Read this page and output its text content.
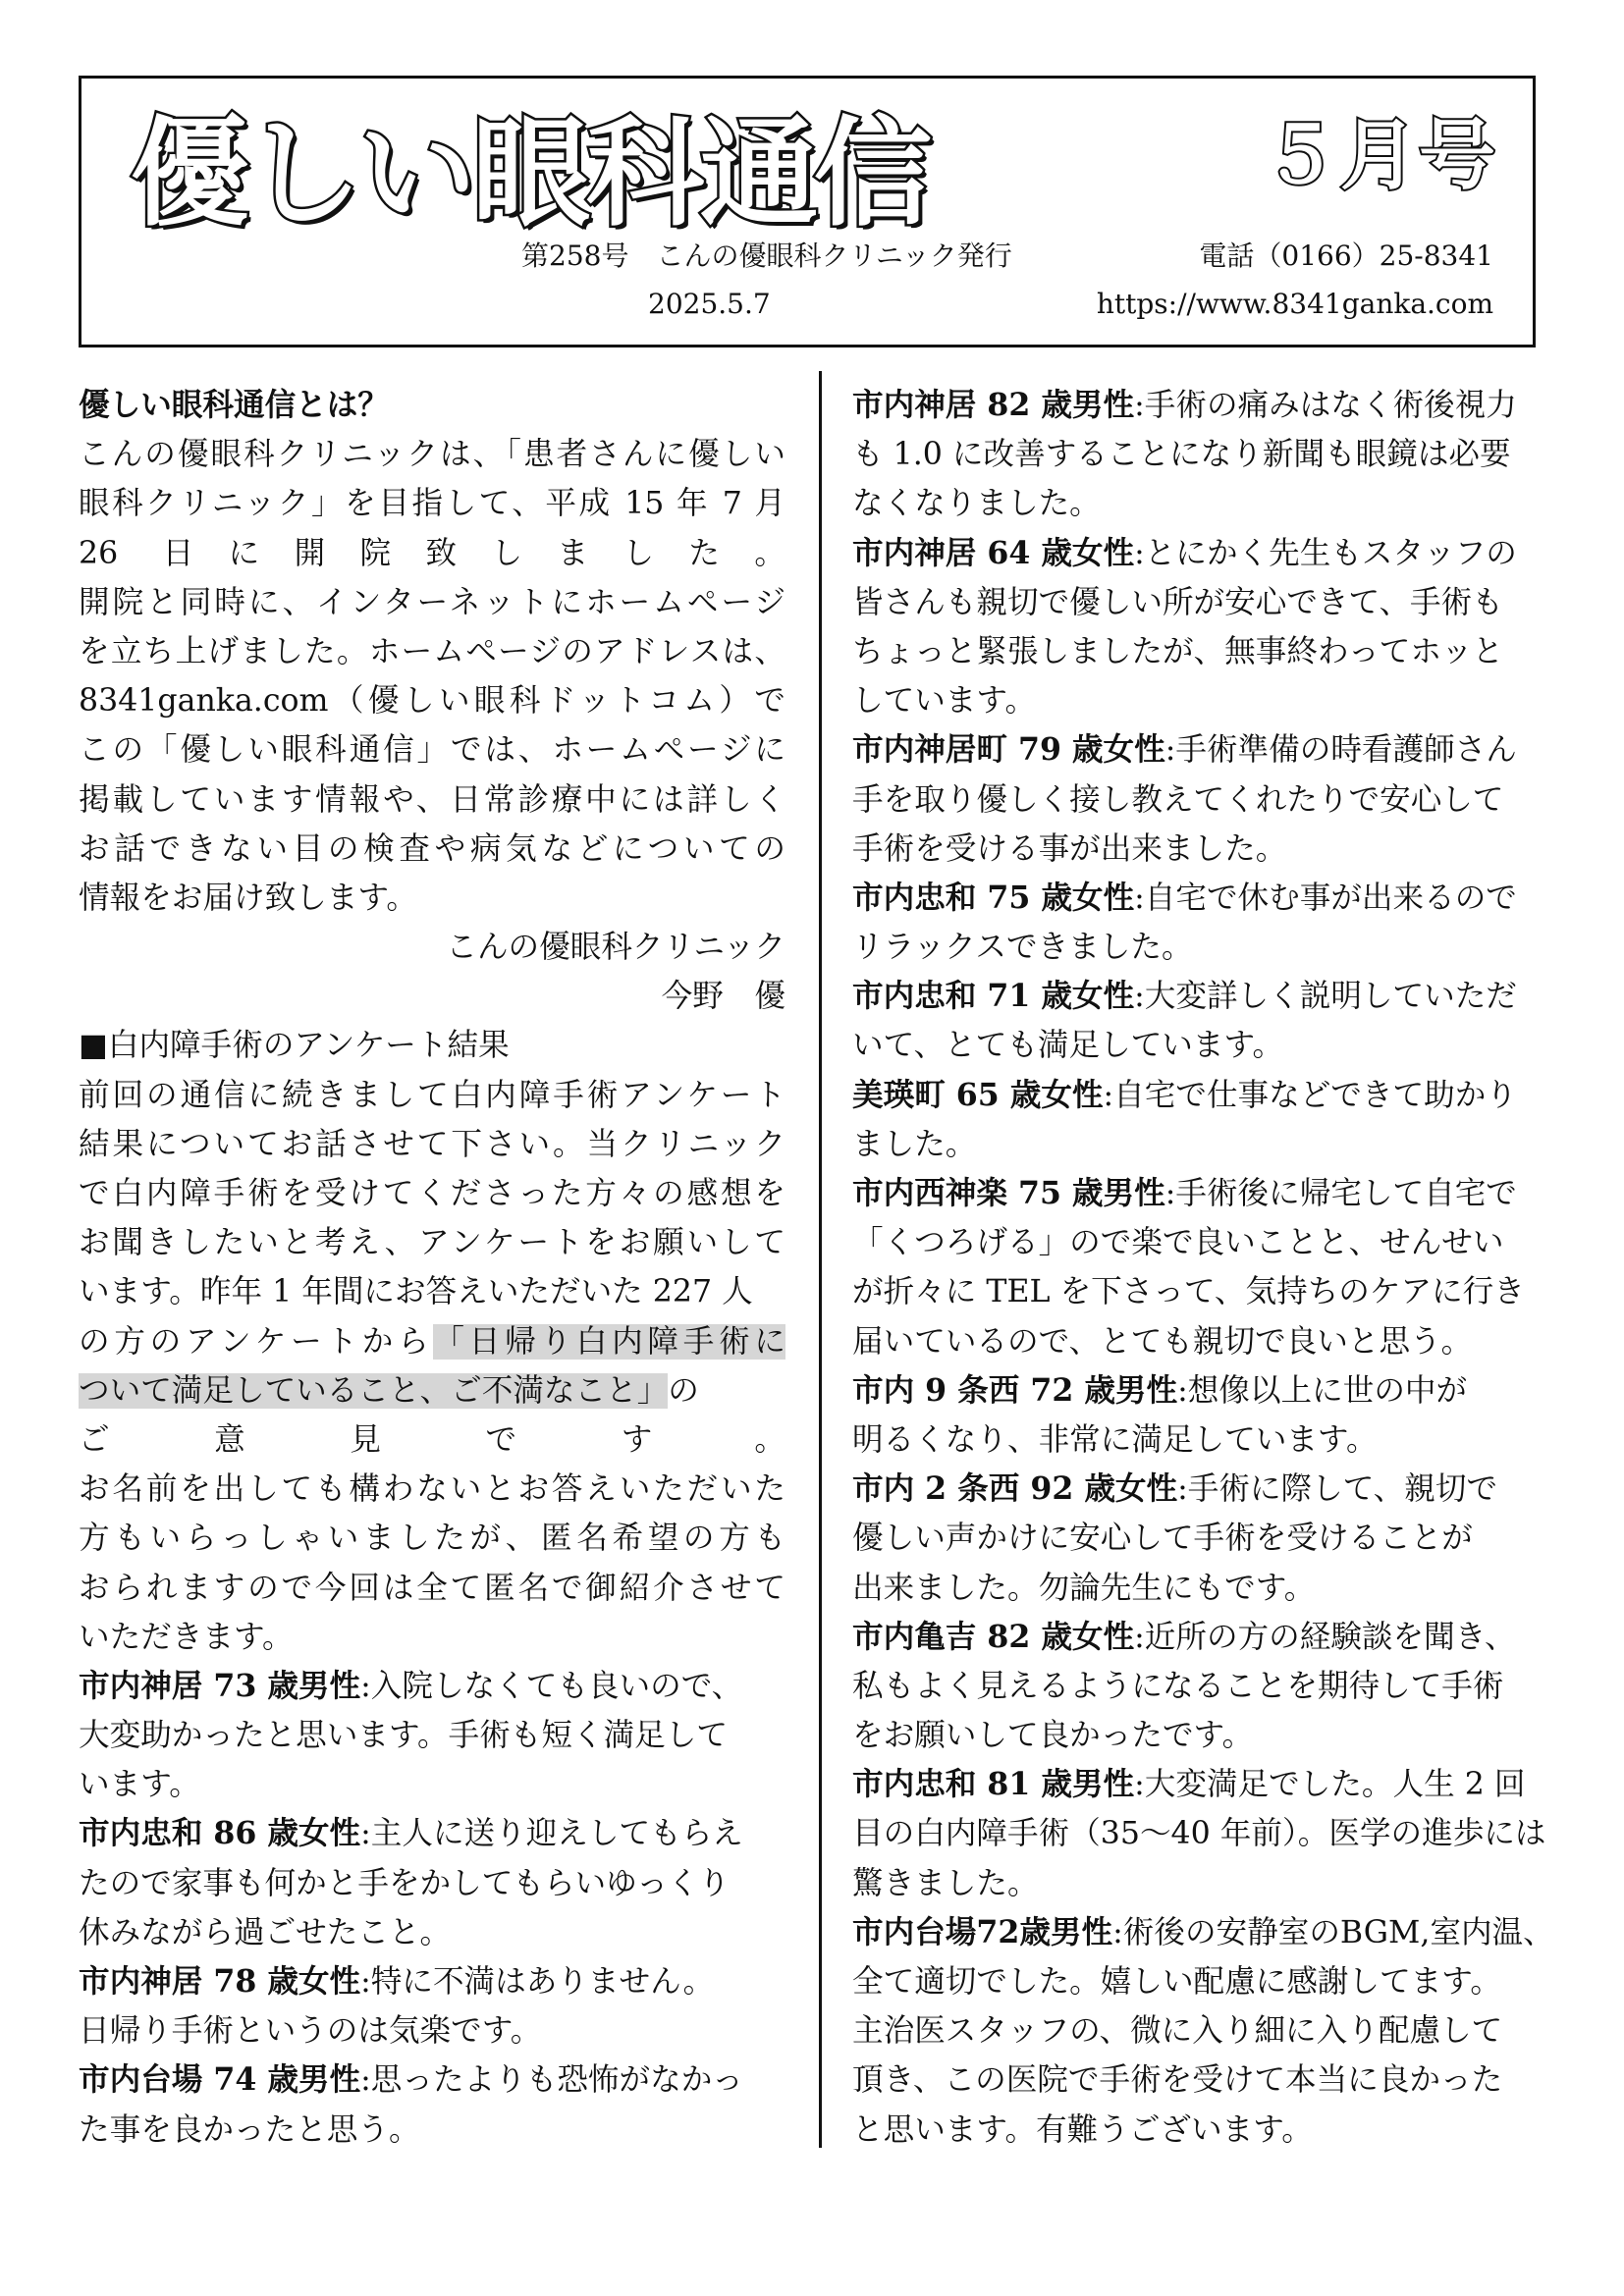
優しい眼科通信	５月号
第258号　こんの優眼科クリニック発行	電話（0166）25-8341
2025.5.7	https://www.8341ganka.com
優しい眼科通信とは？
こんの優眼科クリニックは、「患者さんに優しい
眼科クリニック」を目指して、平成 15 年 7 月
26 日に開院致しました。
開院と同時に、インターネットにホームページ
を立ち上げました。ホームページのアドレスは、
8341ganka.com（優しい眼科ドットコム）で
この「優しい眼科通信」では、ホームページに
掲載しています情報や、日常診療中には詳しく
お話できない目の検査や病気などについての
情報をお届け致します。
こんの優眼科クリニック
今野　優
■白内障手術のアンケート結果
前回の通信に続きまして白内障手術アンケート
結果についてお話させて下さい。当クリニック
で白内障手術を受けてくださった方々の感想を
お聞きしたいと考え、アンケートをお願いして
います。昨年 1 年間にお答えいただいた 227 人
の方のアンケートから「日帰り白内障手術に
ついて満足していること、ご不満なこと」の
ご意見です。
お名前を出しても構わないとお答えいただいた
方もいらっしゃいましたが、匿名希望の方も
おられますので今回は全て匿名で御紹介させて
いただきます。
市内神居 73 歳男性:入院しなくても良いので、
大変助かったと思います。手術も短く満足して
います。
市内忠和 86 歳女性:主人に送り迎えしてもらえ
たので家事も何かと手をかしてもらいゆっくり
休みながら過ごせたこと。
市内神居 78 歳女性:特に不満はありません。
日帰り手術というのは気楽です。
市内台場 74 歳男性:思ったよりも恐怖がなかっ
た事を良かったと思う。
市内神居 82 歳男性:手術の痛みはなく術後視力
も 1.0 に改善することになり新聞も眼鏡は必要
なくなりました。
市内神居 64 歳女性:とにかく先生もスタッフの
皆さんも親切で優しい所が安心できて、手術も
ちょっと緊張しましたが、無事終わってホッと
しています。
市内神居町 79 歳女性:手術準備の時看護師さん
手を取り優しく接し教えてくれたりで安心して
手術を受ける事が出来ました。
市内忠和 75 歳女性:自宅で休む事が出来るので
リラックスできました。
市内忠和 71 歳女性:大変詳しく説明していただ
いて、とても満足しています。
美瑛町 65 歳女性:自宅で仕事などできて助かり
ました。
市内西神楽 75 歳男性:手術後に帰宅して自宅で
「くつろげる」ので楽で良いことと、せんせい
が折々に TEL を下さって、気持ちのケアに行き
届いているので、とても親切で良いと思う。
市内 9 条西 72 歳男性:想像以上に世の中が
明るくなり、非常に満足しています。
市内 2 条西 92 歳女性:手術に際して、親切で
優しい声かけに安心して手術を受けることが
出来ました。勿論先生にもです。
市内亀吉 82 歳女性:近所の方の経験談を聞き、
私もよく見えるようになることを期待して手術
をお願いして良かったです。
市内忠和 81 歳男性:大変満足でした。人生 2 回
目の白内障手術（35～40 年前）。医学の進歩には
驚きました。
市内台場72歳男性:術後の安静室のBGM,室内温、
全て適切でした。嬉しい配慮に感謝してます。
主治医スタッフの、微に入り細に入り配慮して
頂き、この医院で手術を受けて本当に良かった
と思います。有難うございます。
